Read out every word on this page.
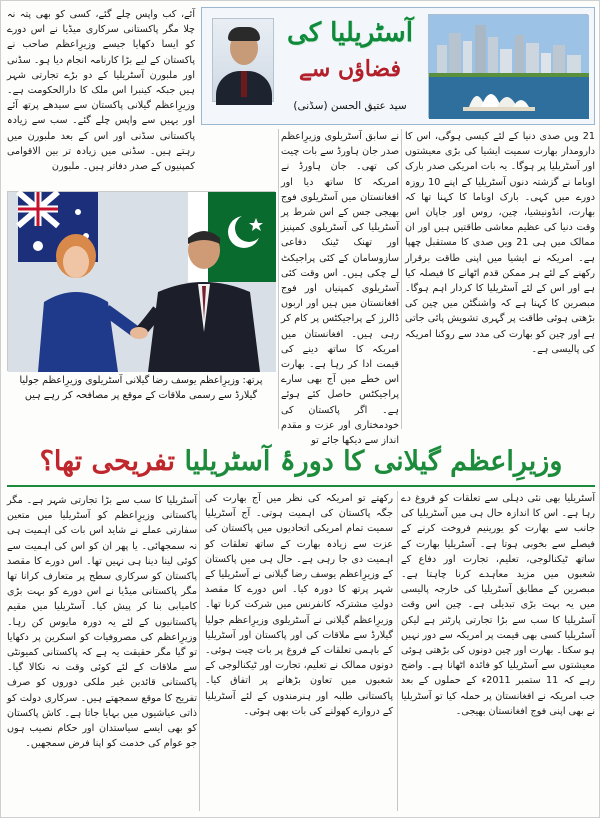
آئے، کب واپس چلے گئے، کسی کو بھی پتہ نہ چلا مگر پاکستانی سرکاری میڈیا نے اس دورے کو ایسا دکھایا جیسے وزیرِاعظم صاحب نے پاکستان کے لیے بڑا کارنامہ انجام دیا ہو۔ سڈنی اور ملبورن آسٹریلیا کے دو بڑے تجارتی شہر ہیں جبکہ کینبرا اس ملک کا دارالحکومت ہے۔ وزیرِاعظم گیلانی پاکستان سے سیدھے پرتھ آئے اور یہیں سے واپس چلے گئے۔ سب سے زیادہ پاکستانی سڈنی اور اس کے بعد ملبورن میں رہتے ہیں۔ سڈنی میں زیادہ تر بین الاقوامی کمپنیوں کے صدر دفاتر ہیں۔ ملبورن

آسٹریلیا کی
فضاؤں سے
سید عتیق الحسن (سڈنی)
پرتھ: وزیرِاعظم یوسف رضا گیلانی آسٹریلوی وزیرِاعظم جولیا گیلارڈ سے رسمی ملاقات کے موقع پر مصافحہ کر رہے ہیں

نے سابق آسٹریلوی وزیرِاعظم صدر جان ہاورڈ سے بات چیت کی تھی۔ جان ہاورڈ نے امریکہ کا ساتھ دیا اور افغانستان میں آسٹریلوی فوج بھیجی جس کے اس شرط پر آسٹریلیا کی آسٹریلوی کمپنیز اور تھنک ٹینک دفاعی سازوسامان کے کئی پراجیکٹ لے چکی ہیں۔ اس وقت کئی آسٹریلوی کمپنیاں اور فوج افغانستان میں ہیں اور اربوں ڈالرز کے پراجیکٹس پر کام کر رہی ہیں۔ افغانستان میں امریکہ کا ساتھ دینے کی قیمت ادا کر رہا ہے۔ بھارت اس خطے میں آج بھی سارے پراجیکٹس حاصل کئے ہوئے ہے۔ اگر پاکستان کی خودمختاری اور عزت و مقدم انداز سے دیکھا جائے تو

21 ویں صدی دنیا کے لئے کیسی ہوگی، اس کا دارومدار بھارت سمیت ایشیا کی بڑی معیشتوں اور آسٹریلیا پر ہوگا۔ یہ بات امریکی صدر بارک اوباما نے گزشتہ دنوں آسٹریلیا کے اپنے 10 روزہ دورے میں کہی۔ بارک اوباما کا کہنا تھا کہ بھارت، انڈونیشیا، چین، روس اور جاپان اس وقت دنیا کی عظیم معاشی طاقتیں ہیں اور ان ممالک میں ہی 21 ویں صدی کا مستقبل چھپا ہے۔ امریکہ نے ایشیا میں اپنی طاقت برقرار رکھنے کے لئے ہر ممکن قدم اٹھانے کا فیصلہ کیا ہے اور اس کے لئے آسٹریلیا کا کردار اہم ہوگا۔ مبصرین کا کہنا ہے کہ واشنگٹن میں چین کی بڑھتی ہوئی طاقت پر گہری تشویش پائی جاتی ہے اور چین کو بھارت کی مدد سے روکنا امریکہ کی پالیسی ہے۔

وزیرِاعظم گیلانی کا دورۂ آسٹریلیا تفریحی تھا؟

آسٹریلیا کا سب سے بڑا تجارتی شہر ہے۔ مگر پاکستانی وزیرِاعظم کو آسٹریلیا میں متعین سفارتی عملے نے شاید اس بات کی اہمیت ہی نہ سمجھائی۔ یا پھر ان کو اس کی اہمیت سے کوئی لینا دینا ہی نہیں تھا۔ اس دورے کا مقصد پاکستان کو سرکاری سطح پر متعارف کرانا تھا مگر پاکستانی میڈیا نے اس دورے کو بہت بڑی کامیابی بنا کر پیش کیا۔ آسٹریلیا میں مقیم پاکستانیوں کے لئے یہ دورہ مایوس کن رہا۔ وزیرِاعظم کی مصروفیات کو اسکرین پر دکھایا تو گیا مگر حقیقت یہ ہے کہ پاکستانی کمیونٹی سے ملاقات کے لئے کوئی وقت نہ نکالا گیا۔ پاکستانی قائدین غیر ملکی دوروں کو صرف تفریح کا موقع سمجھتے ہیں۔ سرکاری دولت کو ذاتی عیاشیوں میں بہایا جاتا ہے۔ کاش پاکستان کو بھی ایسے سیاستدان اور حکام نصیب ہوں جو عوام کی خدمت کو اپنا فرض سمجھیں۔

رکھتے تو امریکہ کی نظر میں آج بھارت کی جگہ پاکستان کی اہمیت ہوتی۔ آج آسٹریلیا سمیت تمام امریکی اتحادیوں میں پاکستان کی عزت سے زیادہ بھارت کے ساتھ تعلقات کو اہمیت دی جا رہی ہے۔ حال ہی میں پاکستان کے وزیرِاعظم یوسف رضا گیلانی نے آسٹریلیا کے شہر پرتھ کا دورہ کیا۔ اس دورے کا مقصد دولتِ مشترکہ کانفرنس میں شرکت کرنا تھا۔ وزیرِاعظم گیلانی نے آسٹریلوی وزیرِاعظم جولیا گیلارڈ سے ملاقات کی اور پاکستان اور آسٹریلیا کے باہمی تعلقات کے فروغ پر بات چیت ہوئی۔ دونوں ممالک نے تعلیم، تجارت اور ٹیکنالوجی کے شعبوں میں تعاون بڑھانے پر اتفاق کیا۔ پاکستانی طلبہ اور ہنرمندوں کے لئے آسٹریلیا کے دروازے کھولنے کی بات بھی ہوئی۔

آسٹریلیا بھی نئی دہلی سے تعلقات کو فروغ دے رہا ہے۔ اس کا اندازہ حال ہی میں آسٹریلیا کی جانب سے بھارت کو یورینیم فروخت کرنے کے فیصلے سے بخوبی ہوتا ہے۔ آسٹریلیا بھارت کے ساتھ ٹیکنالوجی، تعلیم، تجارت اور دفاع کے شعبوں میں مزید معاہدے کرنا چاہتا ہے۔ مبصرین کے مطابق آسٹریلیا کی خارجہ پالیسی میں یہ بہت بڑی تبدیلی ہے۔ چین اس وقت آسٹریلیا کا سب سے بڑا تجارتی پارٹنر ہے لیکن آسٹریلیا کسی بھی قیمت پر امریکہ سے دور نہیں ہو سکتا۔ بھارت اور چین دونوں کی بڑھتی ہوئی معیشتوں سے آسٹریلیا کو فائدہ اٹھانا ہے۔ واضح رہے کہ 11 ستمبر 2011ء کے حملوں کے بعد جب امریکہ نے افغانستان پر حملہ کیا تو آسٹریلیا نے بھی اپنی فوج افغانستان بھیجی۔
